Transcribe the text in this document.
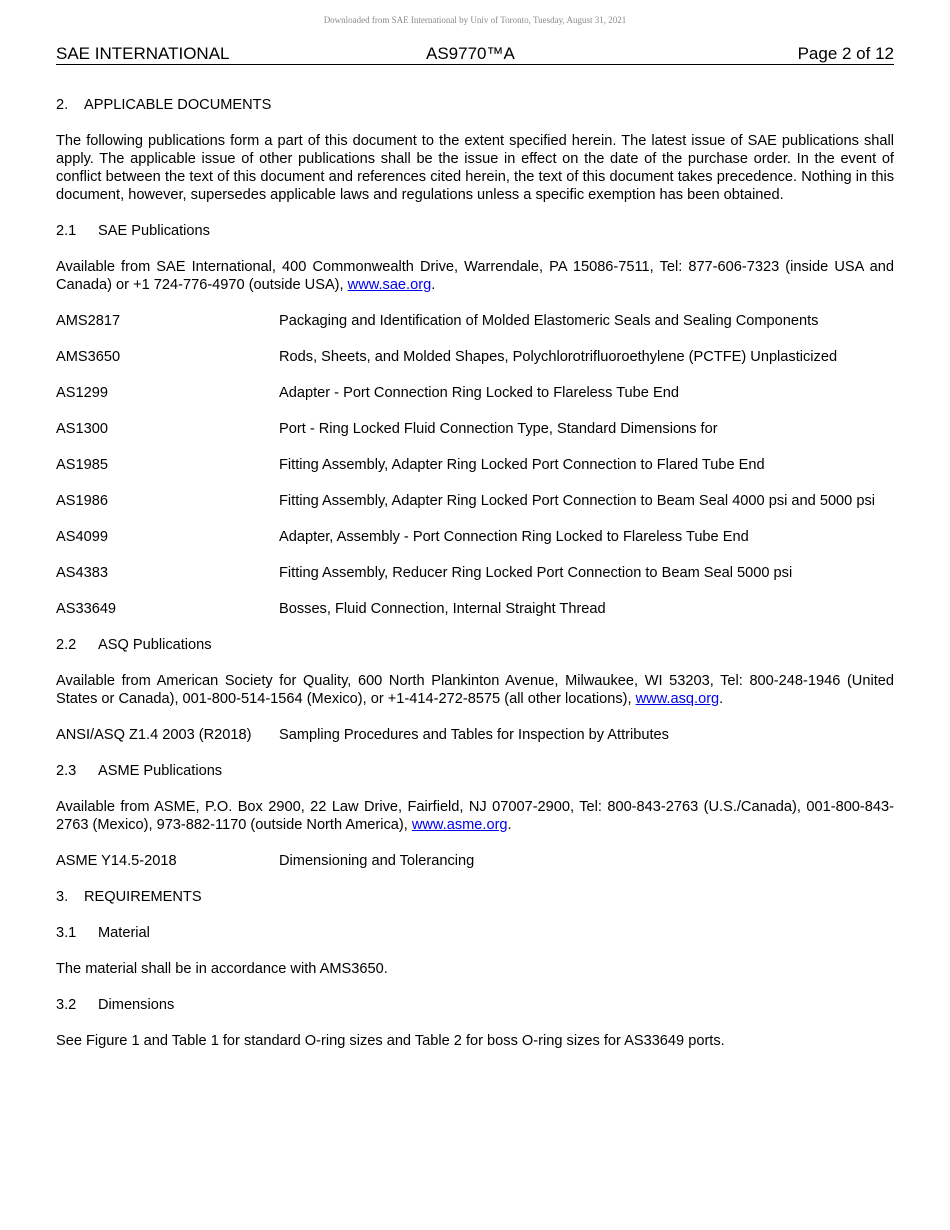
Downloaded from SAE International by Univ of Toronto, Tuesday, August 31, 2021
SAE INTERNATIONAL	AS9770™A	Page 2 of 12
2. APPLICABLE DOCUMENTS
The following publications form a part of this document to the extent specified herein. The latest issue of SAE publications shall apply. The applicable issue of other publications shall be the issue in effect on the date of the purchase order. In the event of conflict between the text of this document and references cited herein, the text of this document takes precedence. Nothing in this document, however, supersedes applicable laws and regulations unless a specific exemption has been obtained.
2.1 SAE Publications
Available from SAE International, 400 Commonwealth Drive, Warrendale, PA 15086-7511, Tel: 877-606-7323 (inside USA and Canada) or +1 724-776-4970 (outside USA), www.sae.org.
AMS2817	Packaging and Identification of Molded Elastomeric Seals and Sealing Components
AMS3650	Rods, Sheets, and Molded Shapes, Polychlorotrifluoroethylene (PCTFE) Unplasticized
AS1299	Adapter - Port Connection Ring Locked to Flareless Tube End
AS1300	Port - Ring Locked Fluid Connection Type, Standard Dimensions for
AS1985	Fitting Assembly, Adapter Ring Locked Port Connection to Flared Tube End
AS1986	Fitting Assembly, Adapter Ring Locked Port Connection to Beam Seal 4000 psi and 5000 psi
AS4099	Adapter, Assembly - Port Connection Ring Locked to Flareless Tube End
AS4383	Fitting Assembly, Reducer Ring Locked Port Connection to Beam Seal 5000 psi
AS33649	Bosses, Fluid Connection, Internal Straight Thread
2.2 ASQ Publications
Available from American Society for Quality, 600 North Plankinton Avenue, Milwaukee, WI 53203, Tel: 800-248-1946 (United States or Canada), 001-800-514-1564 (Mexico), or +1-414-272-8575 (all other locations), www.asq.org.
ANSI/ASQ Z1.4 2003 (R2018)	Sampling Procedures and Tables for Inspection by Attributes
2.3 ASME Publications
Available from ASME, P.O. Box 2900, 22 Law Drive, Fairfield, NJ 07007-2900, Tel: 800-843-2763 (U.S./Canada), 001-800-843-2763 (Mexico), 973-882-1170 (outside North America), www.asme.org.
ASME Y14.5-2018	Dimensioning and Tolerancing
3. REQUIREMENTS
3.1 Material
The material shall be in accordance with AMS3650.
3.2 Dimensions
See Figure 1 and Table 1 for standard O-ring sizes and Table 2 for boss O-ring sizes for AS33649 ports.
